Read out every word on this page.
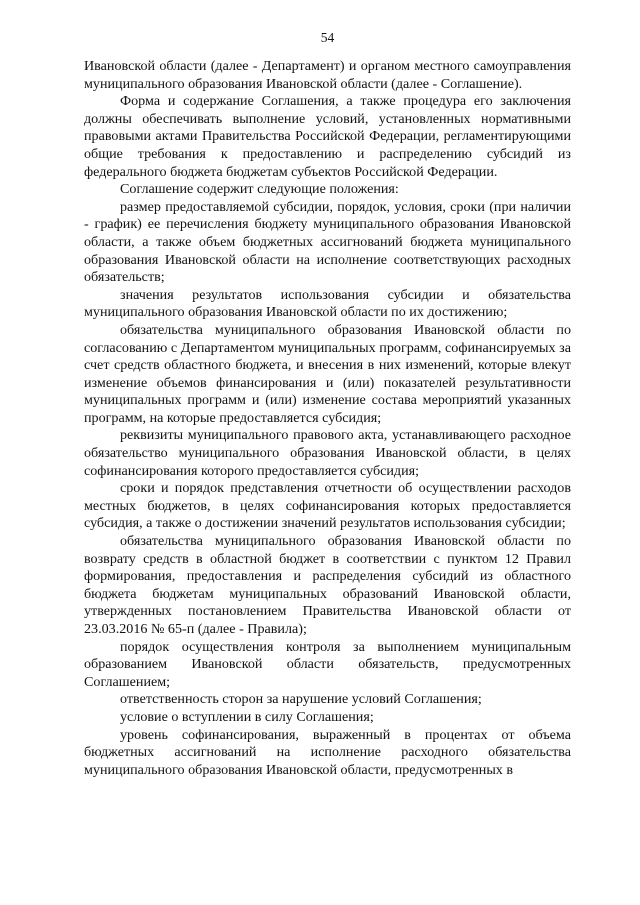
54

Ивановской области (далее - Департамент) и органом местного самоуправления муниципального образования Ивановской области (далее - Соглашение).

Форма и содержание Соглашения, а также процедура его заключения должны обеспечивать выполнение условий, установленных нормативными правовыми актами Правительства Российской Федерации, регламентирующими общие требования к предоставлению и распределению субсидий из федерального бюджета бюджетам субъектов Российской Федерации.

Соглашение содержит следующие положения:

размер предоставляемой субсидии, порядок, условия, сроки (при наличии - график) ее перечисления бюджету муниципального образования Ивановской области, а также объем бюджетных ассигнований бюджета муниципального образования Ивановской области на исполнение соответствующих расходных обязательств;

значения результатов использования субсидии и обязательства муниципального образования Ивановской области по их достижению;

обязательства муниципального образования Ивановской области по согласованию с Департаментом муниципальных программ, софинансируемых за счет средств областного бюджета, и внесения в них изменений, которые влекут изменение объемов финансирования и (или) показателей результативности муниципальных программ и (или) изменение состава мероприятий указанных программ, на которые предоставляется субсидия;

реквизиты муниципального правового акта, устанавливающего расходное обязательство муниципального образования Ивановской области, в целях софинансирования которого предоставляется субсидия;

сроки и порядок представления отчетности об осуществлении расходов местных бюджетов, в целях софинансирования которых предоставляется субсидия, а также о достижении значений результатов использования субсидии;

обязательства муниципального образования Ивановской области по возврату средств в областной бюджет в соответствии с пунктом 12 Правил формирования, предоставления и распределения субсидий из областного бюджета бюджетам муниципальных образований Ивановской области, утвержденных постановлением Правительства Ивановской области от 23.03.2016 № 65-п (далее - Правила);

порядок осуществления контроля за выполнением муниципальным образованием Ивановской области обязательств, предусмотренных Соглашением;

ответственность сторон за нарушение условий Соглашения;

условие о вступлении в силу Соглашения;

уровень софинансирования, выраженный в процентах от объема бюджетных ассигнований на исполнение расходного обязательства муниципального образования Ивановской области, предусмотренных в
